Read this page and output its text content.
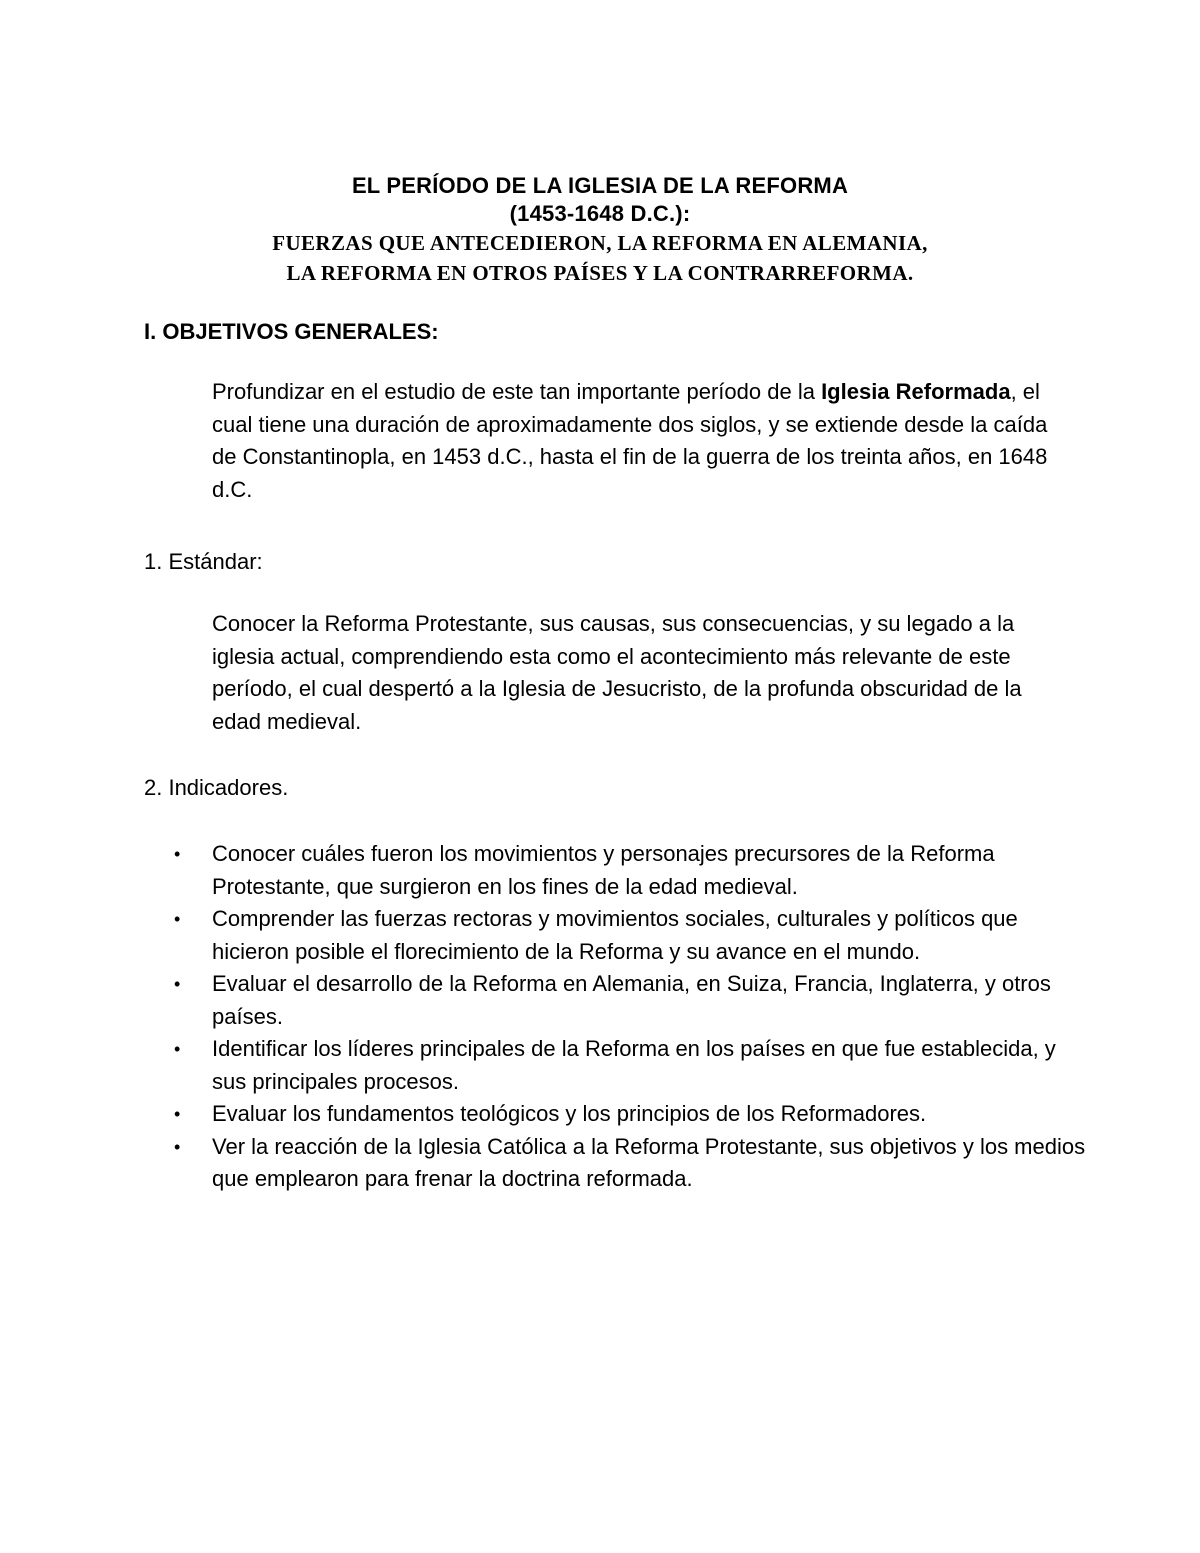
EL PERÍODO DE LA IGLESIA DE LA REFORMA
(1453-1648 D.C.):
FUERZAS QUE ANTECEDIERON, LA REFORMA EN ALEMANIA,
LA REFORMA EN OTROS PAÍSES Y LA CONTRARREFORMA.
I. OBJETIVOS GENERALES:
Profundizar en el estudio de este tan importante período de la Iglesia Reformada, el cual tiene una duración de aproximadamente dos siglos, y se extiende desde la caída de Constantinopla, en 1453 d.C., hasta el fin de la guerra de los treinta años, en 1648 d.C.
1. Estándar:
Conocer la Reforma Protestante, sus causas, sus consecuencias, y su legado a la iglesia actual, comprendiendo esta como el acontecimiento más relevante de este período, el cual despertó a la Iglesia de Jesucristo, de la profunda obscuridad de la edad medieval.
2. Indicadores.
• Conocer cuáles fueron los movimientos y personajes precursores de la Reforma Protestante, que surgieron en los fines de la edad medieval.
• Comprender las fuerzas rectoras y movimientos sociales, culturales y políticos que hicieron posible el florecimiento de la Reforma y su avance en el mundo.
• Evaluar el desarrollo de la Reforma en Alemania, en Suiza, Francia, Inglaterra, y otros países.
• Identificar los líderes principales de la Reforma en los países en que fue establecida, y sus principales procesos.
• Evaluar los fundamentos teológicos y los principios de los Reformadores.
• Ver la reacción de la Iglesia Católica a la Reforma Protestante, sus objetivos y los medios que emplearon para frenar la doctrina reformada.
